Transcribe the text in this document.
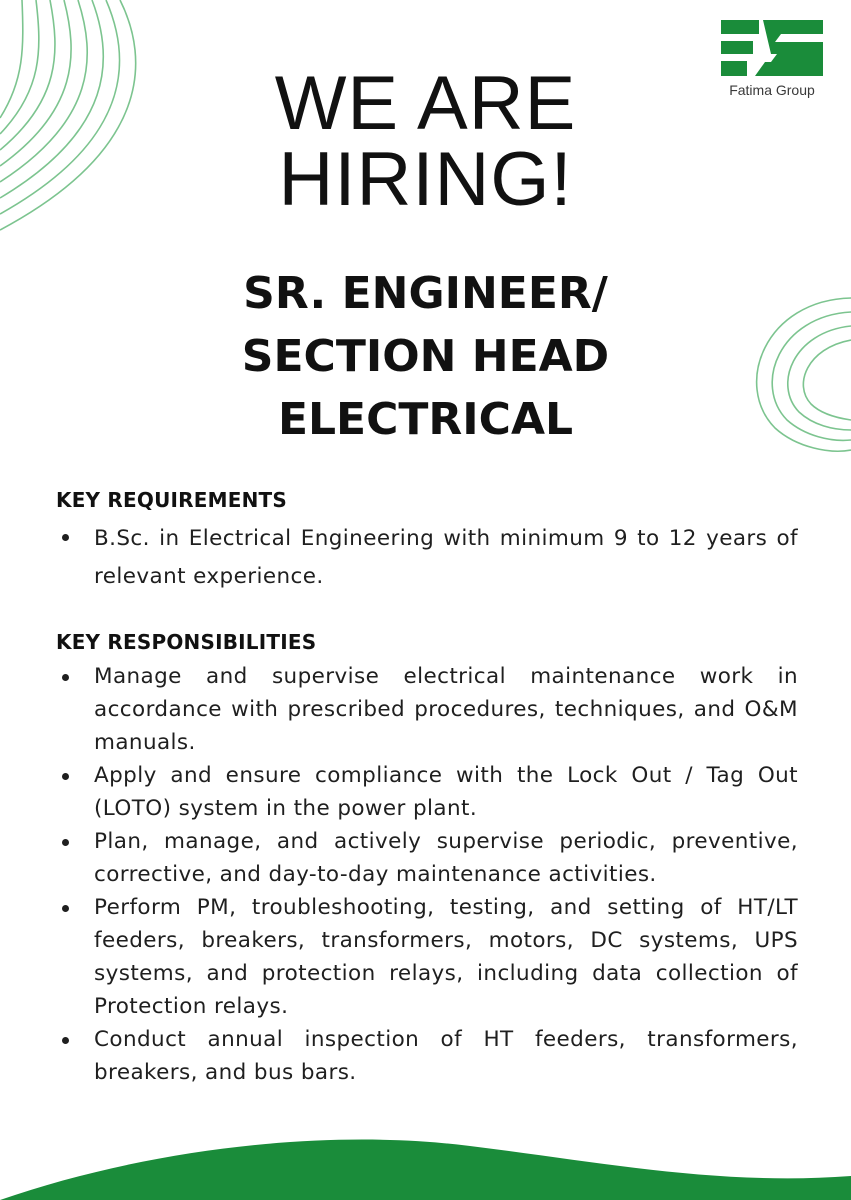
Fatima Group
WE ARE
HIRING!
SR. ENGINEER/
SECTION HEAD
ELECTRICAL
KEY REQUIREMENTS
B.Sc. in Electrical Engineering with minimum 9 to 12 years of relevant experience.
KEY RESPONSIBILITIES
Manage and supervise electrical maintenance work in accordance with prescribed procedures, techniques, and O&M manuals.
Apply and ensure compliance with the Lock Out / Tag Out (LOTO) system in the power plant.
Plan, manage, and actively supervise periodic, preventive, corrective, and day-to-day maintenance activities.
Perform PM, troubleshooting, testing, and setting of HT/LT feeders, breakers, transformers, motors, DC systems, UPS systems, and protection relays, including data collection of Protection relays.
Conduct annual inspection of HT feeders, transformers, breakers, and bus bars.
